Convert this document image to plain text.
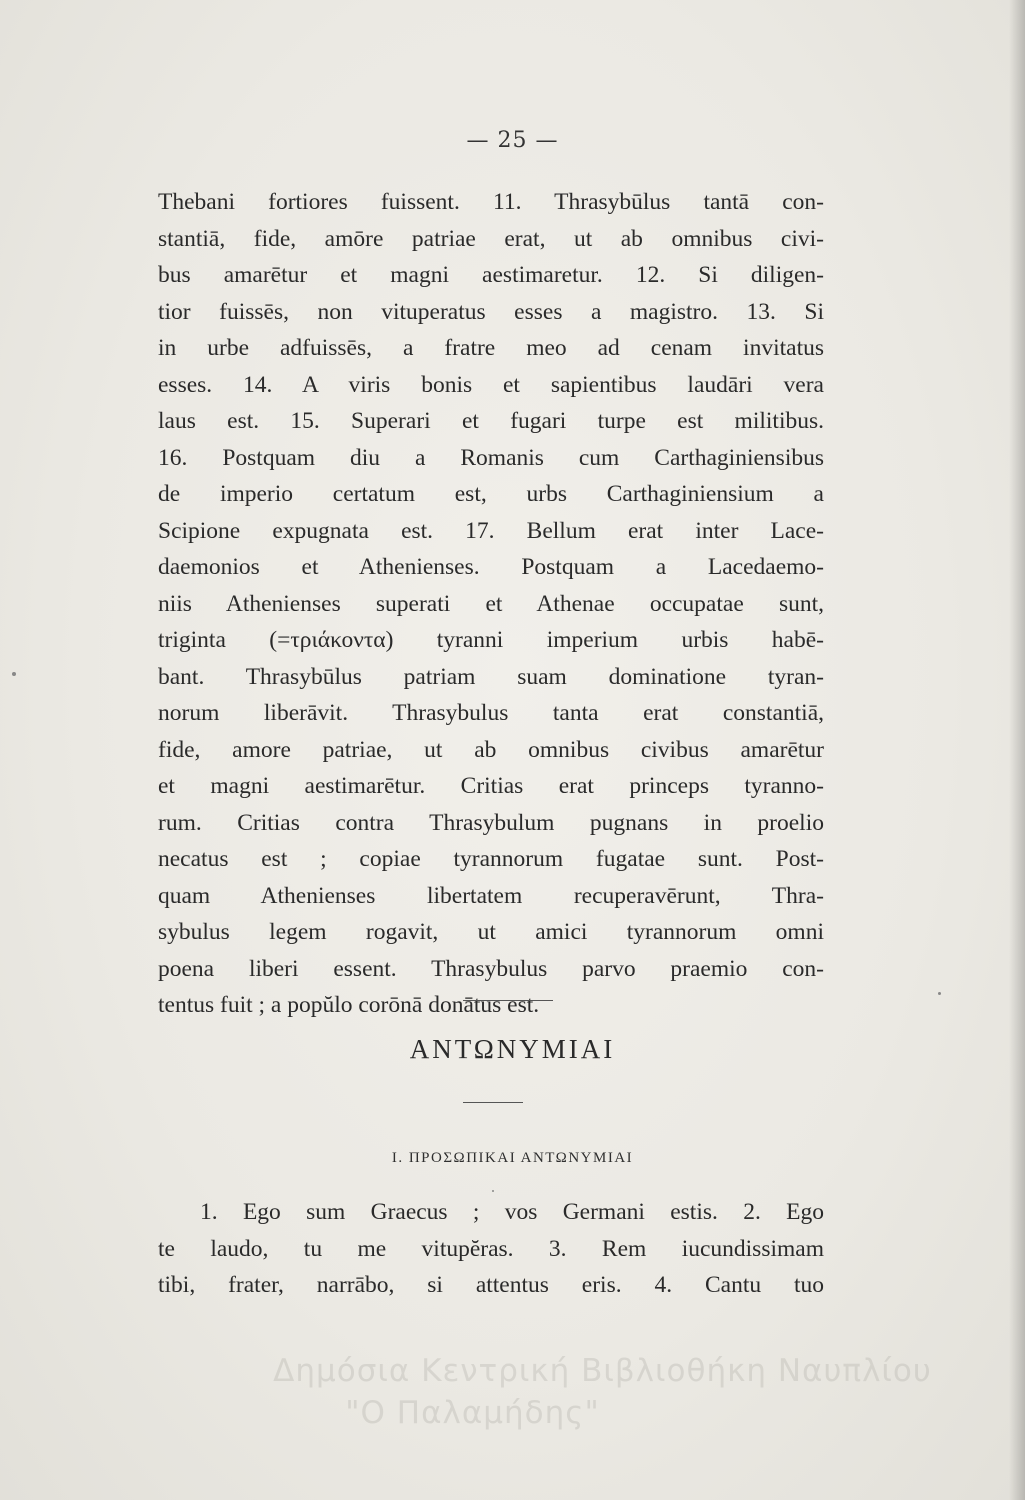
— 25 —
Thebani fortiores fuissent. 11. Thrasybūlus tantā con-
stantiā, fide, amōre patriae erat, ut ab omnibus civi-
bus amarētur et magni aestimaretur. 12. Si diligen-
tior fuissēs, non vituperatus esses a magistro. 13. Si
in urbe adfuissēs, a fratre meo ad cenam invitatus
esses. 14. A viris bonis et sapientibus laudāri vera
laus est. 15. Superari et fugari turpe est militibus.
16. Postquam diu a Romanis cum Carthaginiensibus
de imperio certatum est, urbs Carthaginiensium a
Scipione expugnata est. 17. Bellum erat inter Lace-
daemonios et Athenienses. Postquam a Lacedaemo-
niis Athenienses superati et Athenae occupatae sunt,
triginta (=τριάκοντα) tyranni imperium urbis habē-
bant. Thrasybūlus patriam suam dominatione tyran-
norum liberāvit. Thrasybulus tanta erat constantiā,
fide, amore patriae, ut ab omnibus civibus amarētur
et magni aestimarētur. Critias erat princeps tyranno-
rum. Critias contra Thrasybulum pugnans in proelio
necatus est ; copiae tyrannorum fugatae sunt. Post-
quam Athenienses libertatem recuperavērunt, Thra-
sybulus legem rogavit, ut amici tyrannorum omni
poena liberi essent. Thrasybulus parvo praemio con-
tentus fuit ; a popŭlo corōnā donātus est.
ΑΝΤΩΝΥΜΙΑΙ
Ι. ΠΡΟΣΩΠΙΚΑΙ ΑΝΤΩΝΥΜΙΑΙ
1. Ego sum Graecus ; vos Germani estis. 2. Ego
te laudo, tu me vitupĕras. 3. Rem iucundissimam
tibi, frater, narrābo, si attentus eris. 4. Cantu tuo
Δημόσια Κεντρική Βιβλιοθήκη Ναυπλίου
"Ο Παλαμήδης"
